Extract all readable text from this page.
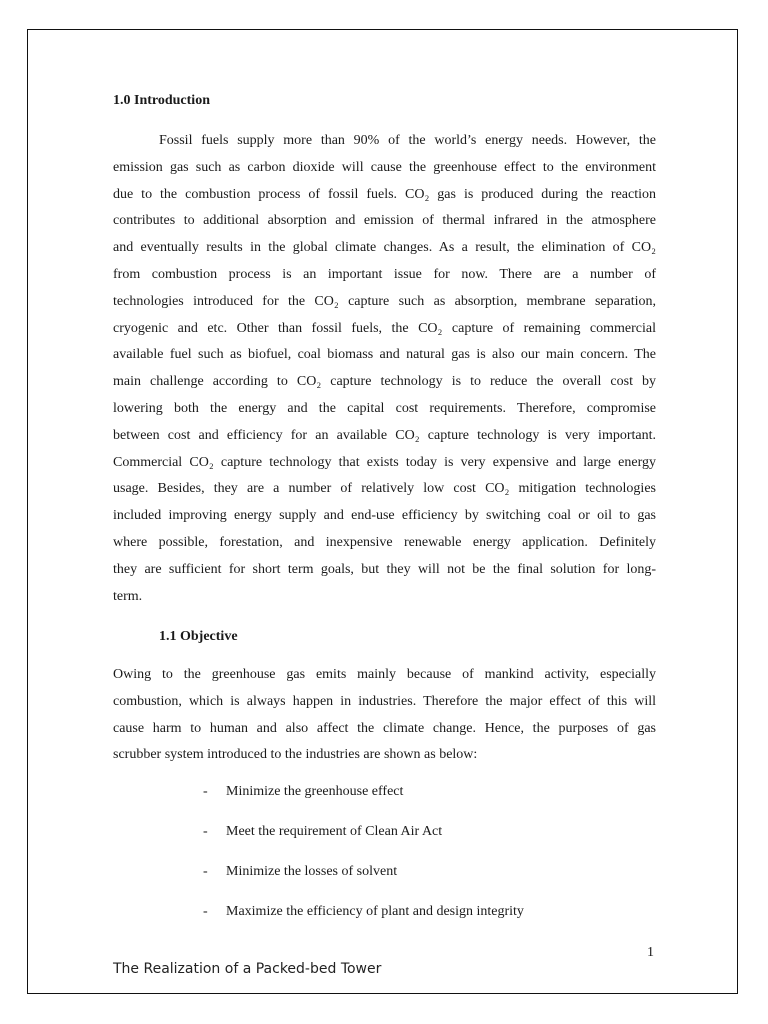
1.0 Introduction
Fossil fuels supply more than 90% of the world’s energy needs. However, the
emission gas such as carbon dioxide will cause the greenhouse effect to the environment
due to the combustion process of fossil fuels. CO₂ gas is produced during the reaction
contributes to additional absorption and emission of thermal infrared in the atmosphere
and eventually results in the global climate changes. As a result, the elimination of CO₂
from combustion process is an important issue for now. There are a number of
technologies introduced for the CO₂ capture such as absorption, membrane separation,
cryogenic and etc. Other than fossil fuels, the CO₂ capture of remaining commercial
available fuel such as biofuel, coal biomass and natural gas is also our main concern. The
main challenge according to CO₂ capture technology is to reduce the overall cost by
lowering both the energy and the capital cost requirements. Therefore, compromise
between cost and efficiency for an available CO₂ capture technology is very important.
Commercial CO₂ capture technology that exists today is very expensive and large energy
usage. Besides, they are a number of relatively low cost CO₂ mitigation technologies
included improving energy supply and end-use efficiency by switching coal or oil to gas
where possible, forestation, and inexpensive renewable energy application. Definitely
they are sufficient for short term goals, but they will not be the final solution for long-
term.
1.1 Objective
Owing to the greenhouse gas emits mainly because of mankind activity, especially
combustion, which is always happen in industries. Therefore the major effect of this will
cause harm to human and also affect the climate change. Hence, the purposes of gas
scrubber system introduced to the industries are shown as below:
-	Minimize the greenhouse effect
-	Meet the requirement of Clean Air Act
-	Minimize the losses of solvent
-	Maximize the efficiency of plant and design integrity
1
The Realization of a Packed-bed Tower
